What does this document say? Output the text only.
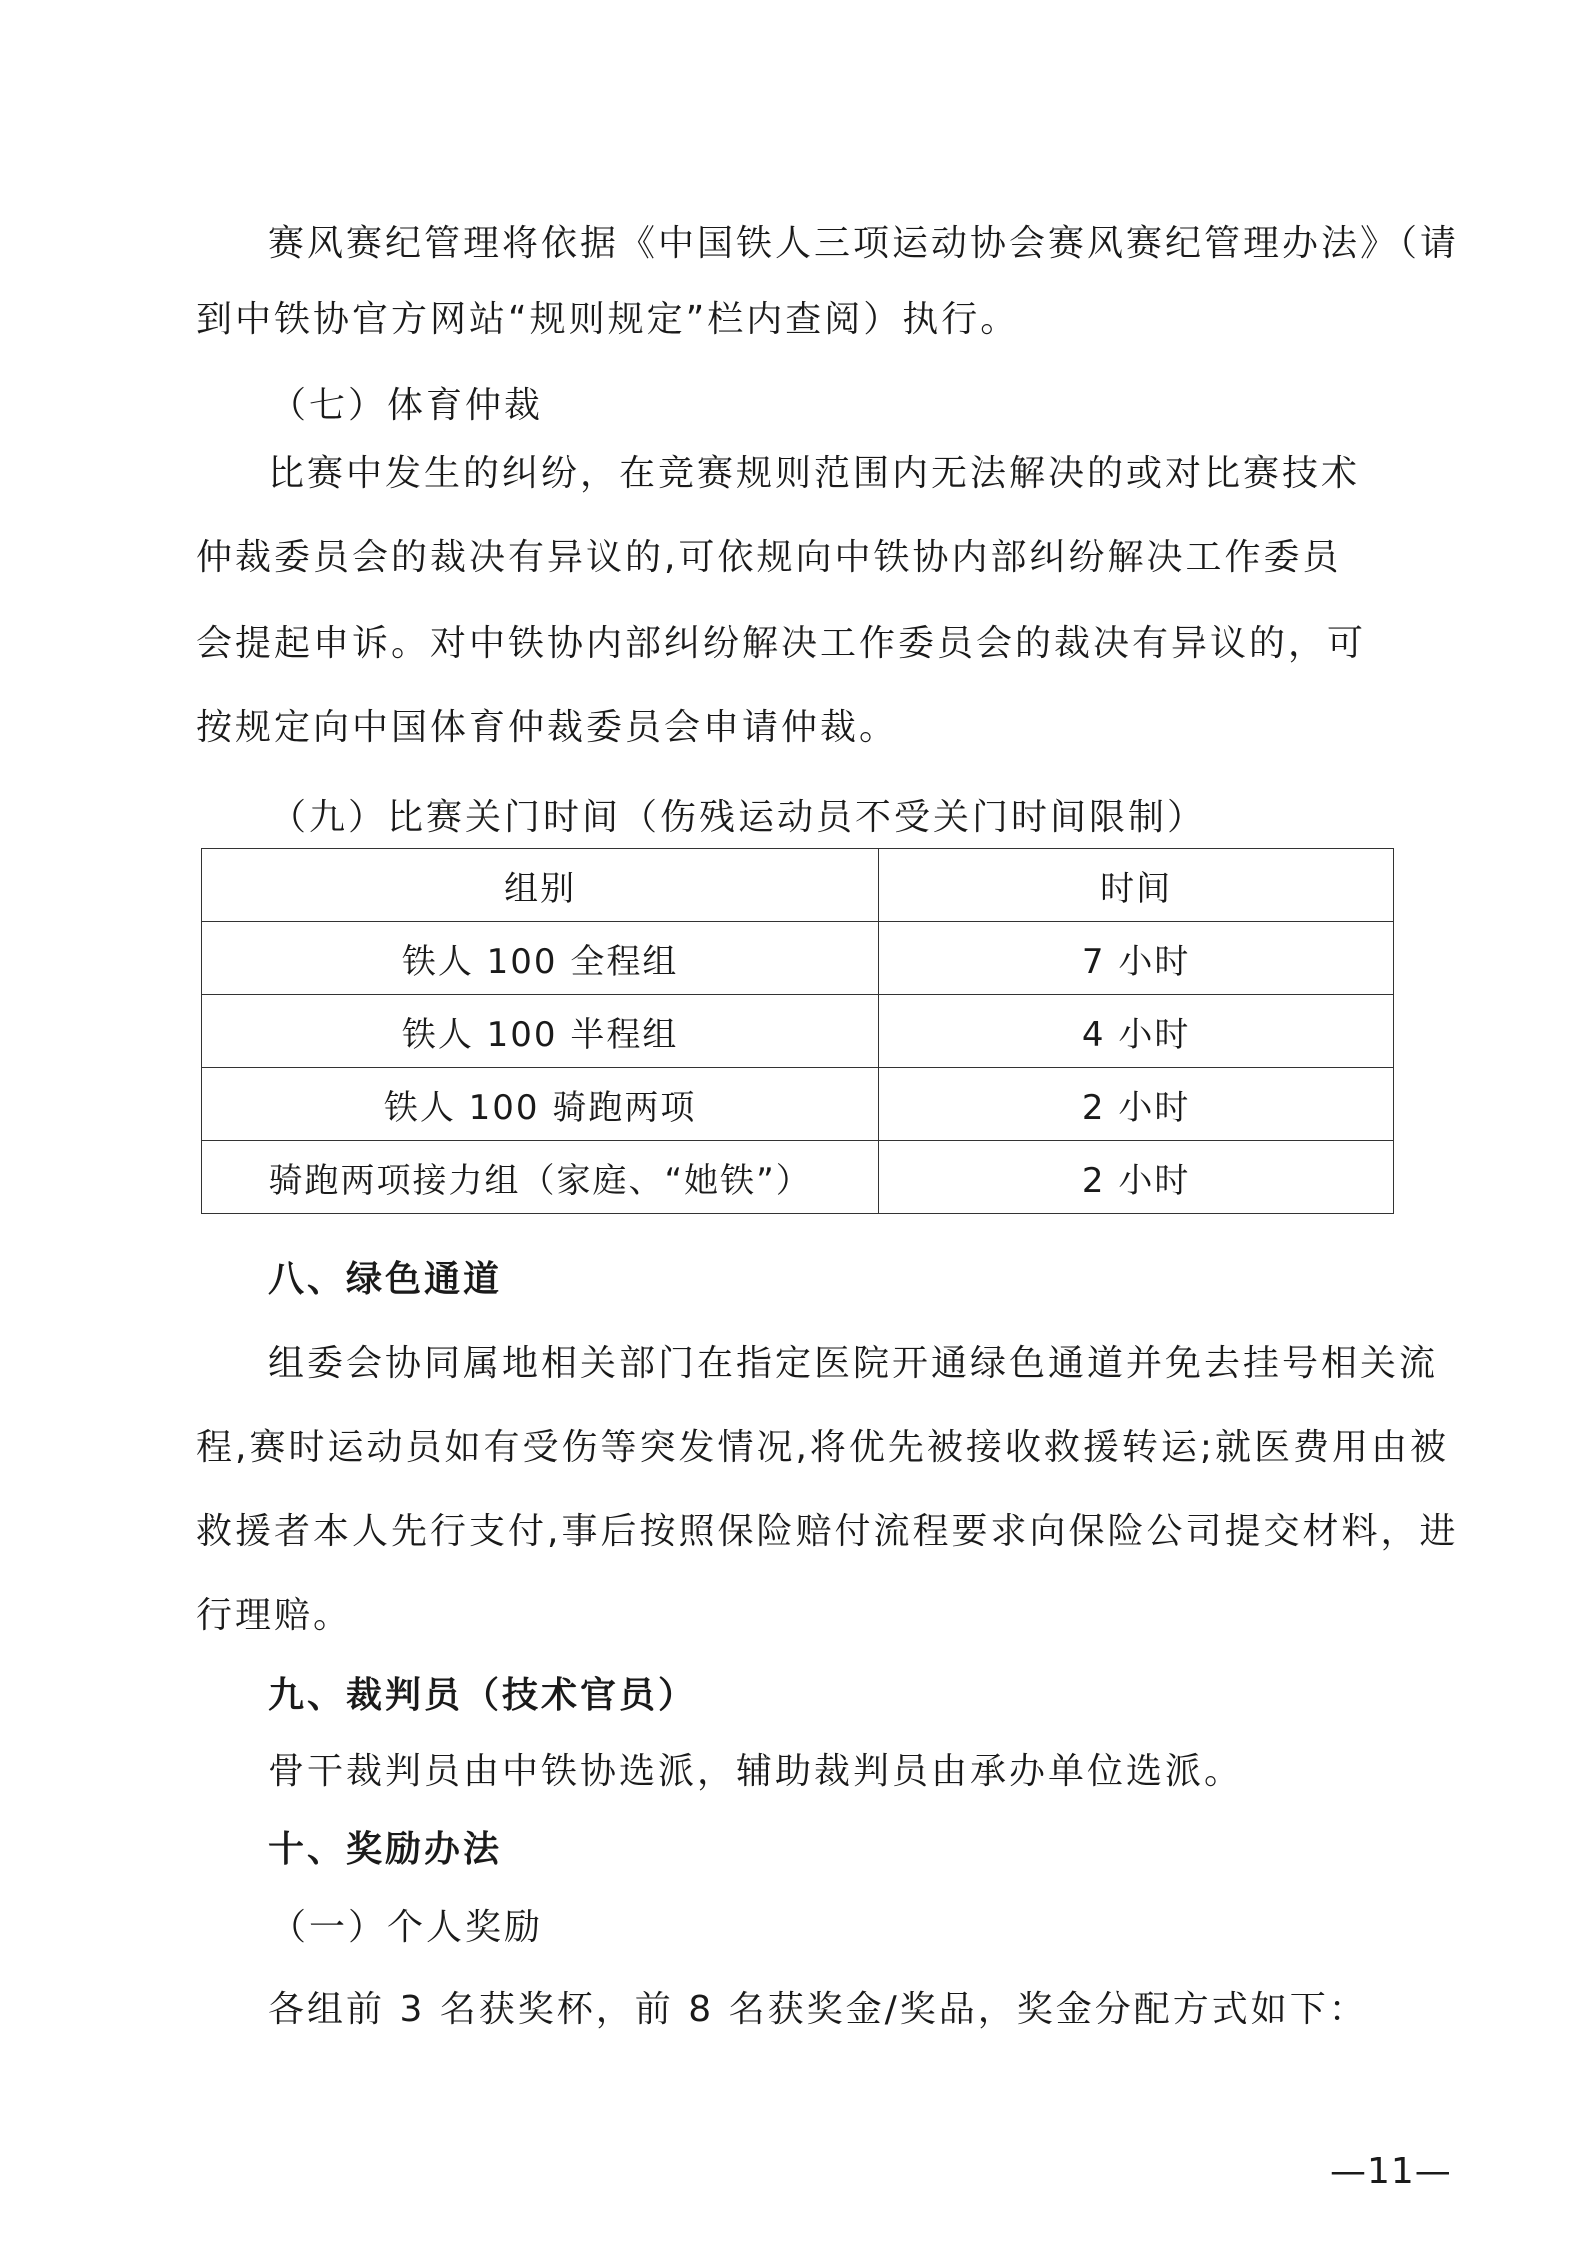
赛风赛纪管理将依据《中国铁人三项运动协会赛风赛纪管理办法》（请
到中铁协官方网站“规则规定”栏内查阅）执行。
（七）体育仲裁
比赛中发生的纠纷，在竞赛规则范围内无法解决的或对比赛技术
仲裁委员会的裁决有异议的,可依规向中铁协内部纠纷解决工作委员
会提起申诉。对中铁协内部纠纷解决工作委员会的裁决有异议的，可
按规定向中国体育仲裁委员会申请仲裁。
（九）比赛关门时间（伤残运动员不受关门时间限制）
组别	时间
铁人 100 全程组	7 小时
铁人 100 半程组	4 小时
铁人 100 骑跑两项	2 小时
骑跑两项接力组（家庭、“她铁”）	2 小时
八、绿色通道
组委会协同属地相关部门在指定医院开通绿色通道并免去挂号相关流
程,赛时运动员如有受伤等突发情况,将优先被接收救援转运;就医费用由被
救援者本人先行支付,事后按照保险赔付流程要求向保险公司提交材料，进
行理赔。
九、裁判员（技术官员）
骨干裁判员由中铁协选派，辅助裁判员由承办单位选派。
十、奖励办法
（一）个人奖励
各组前 3 名获奖杯，前 8 名获奖金/奖品，奖金分配方式如下：
—11—
